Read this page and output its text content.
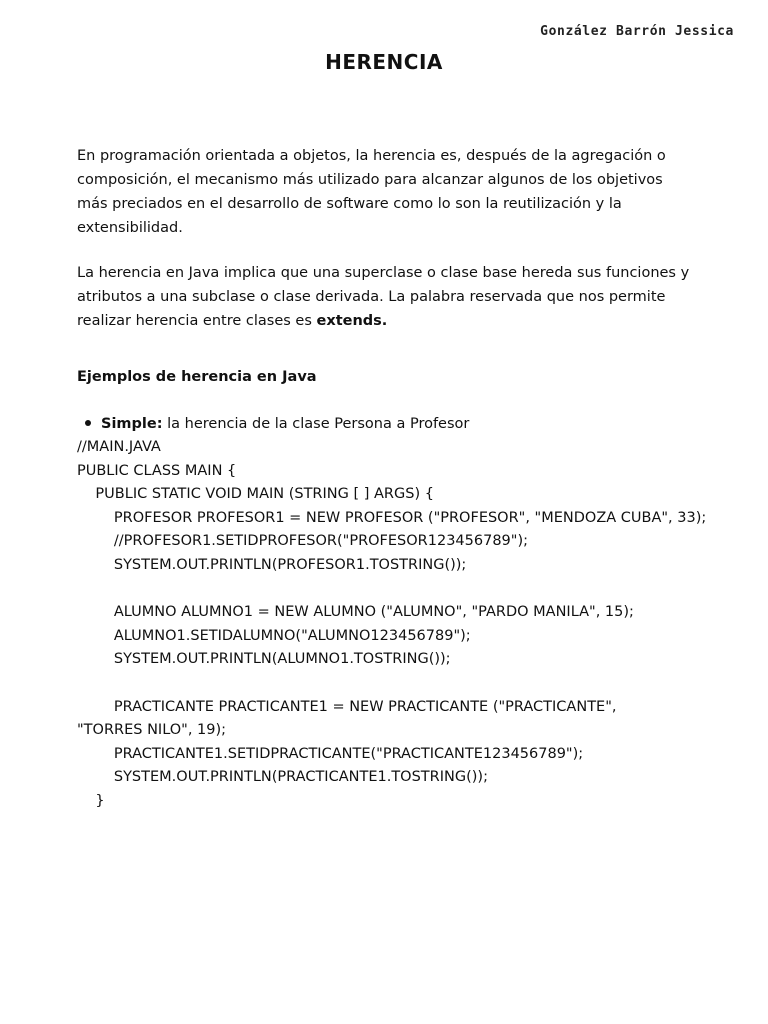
González Barrón Jessica
HERENCIA

En programación orientada a objetos, la herencia es, después de la agregación o composición, el mecanismo más utilizado para alcanzar algunos de los objetivos más preciados en el desarrollo de software como lo son la reutilización y la extensibilidad.

La herencia en Java implica que una superclase o clase base hereda sus funciones y atributos a una subclase o clase derivada. La palabra reservada que nos permite realizar herencia entre clases es extends.

Ejemplos de herencia en Java
Simple: la herencia de la clase Persona a Profesor
//MAIN.JAVA
PUBLIC CLASS MAIN {
PUBLIC STATIC VOID MAIN (STRING [ ] ARGS) {
PROFESOR PROFESOR1 = NEW PROFESOR ("PROFESOR", "MENDOZA CUBA", 33);
//PROFESOR1.SETIDPROFESOR("PROFESOR123456789");
SYSTEM.OUT.PRINTLN(PROFESOR1.TOSTRING());
ALUMNO ALUMNO1 = NEW ALUMNO ("ALUMNO", "PARDO MANILA", 15);
ALUMNO1.SETIDALUMNO("ALUMNO123456789");
SYSTEM.OUT.PRINTLN(ALUMNO1.TOSTRING());
PRACTICANTE PRACTICANTE1 = NEW PRACTICANTE ("PRACTICANTE",
"TORRES NILO", 19);
PRACTICANTE1.SETIDPRACTICANTE("PRACTICANTE123456789");
SYSTEM.OUT.PRINTLN(PRACTICANTE1.TOSTRING());
}
